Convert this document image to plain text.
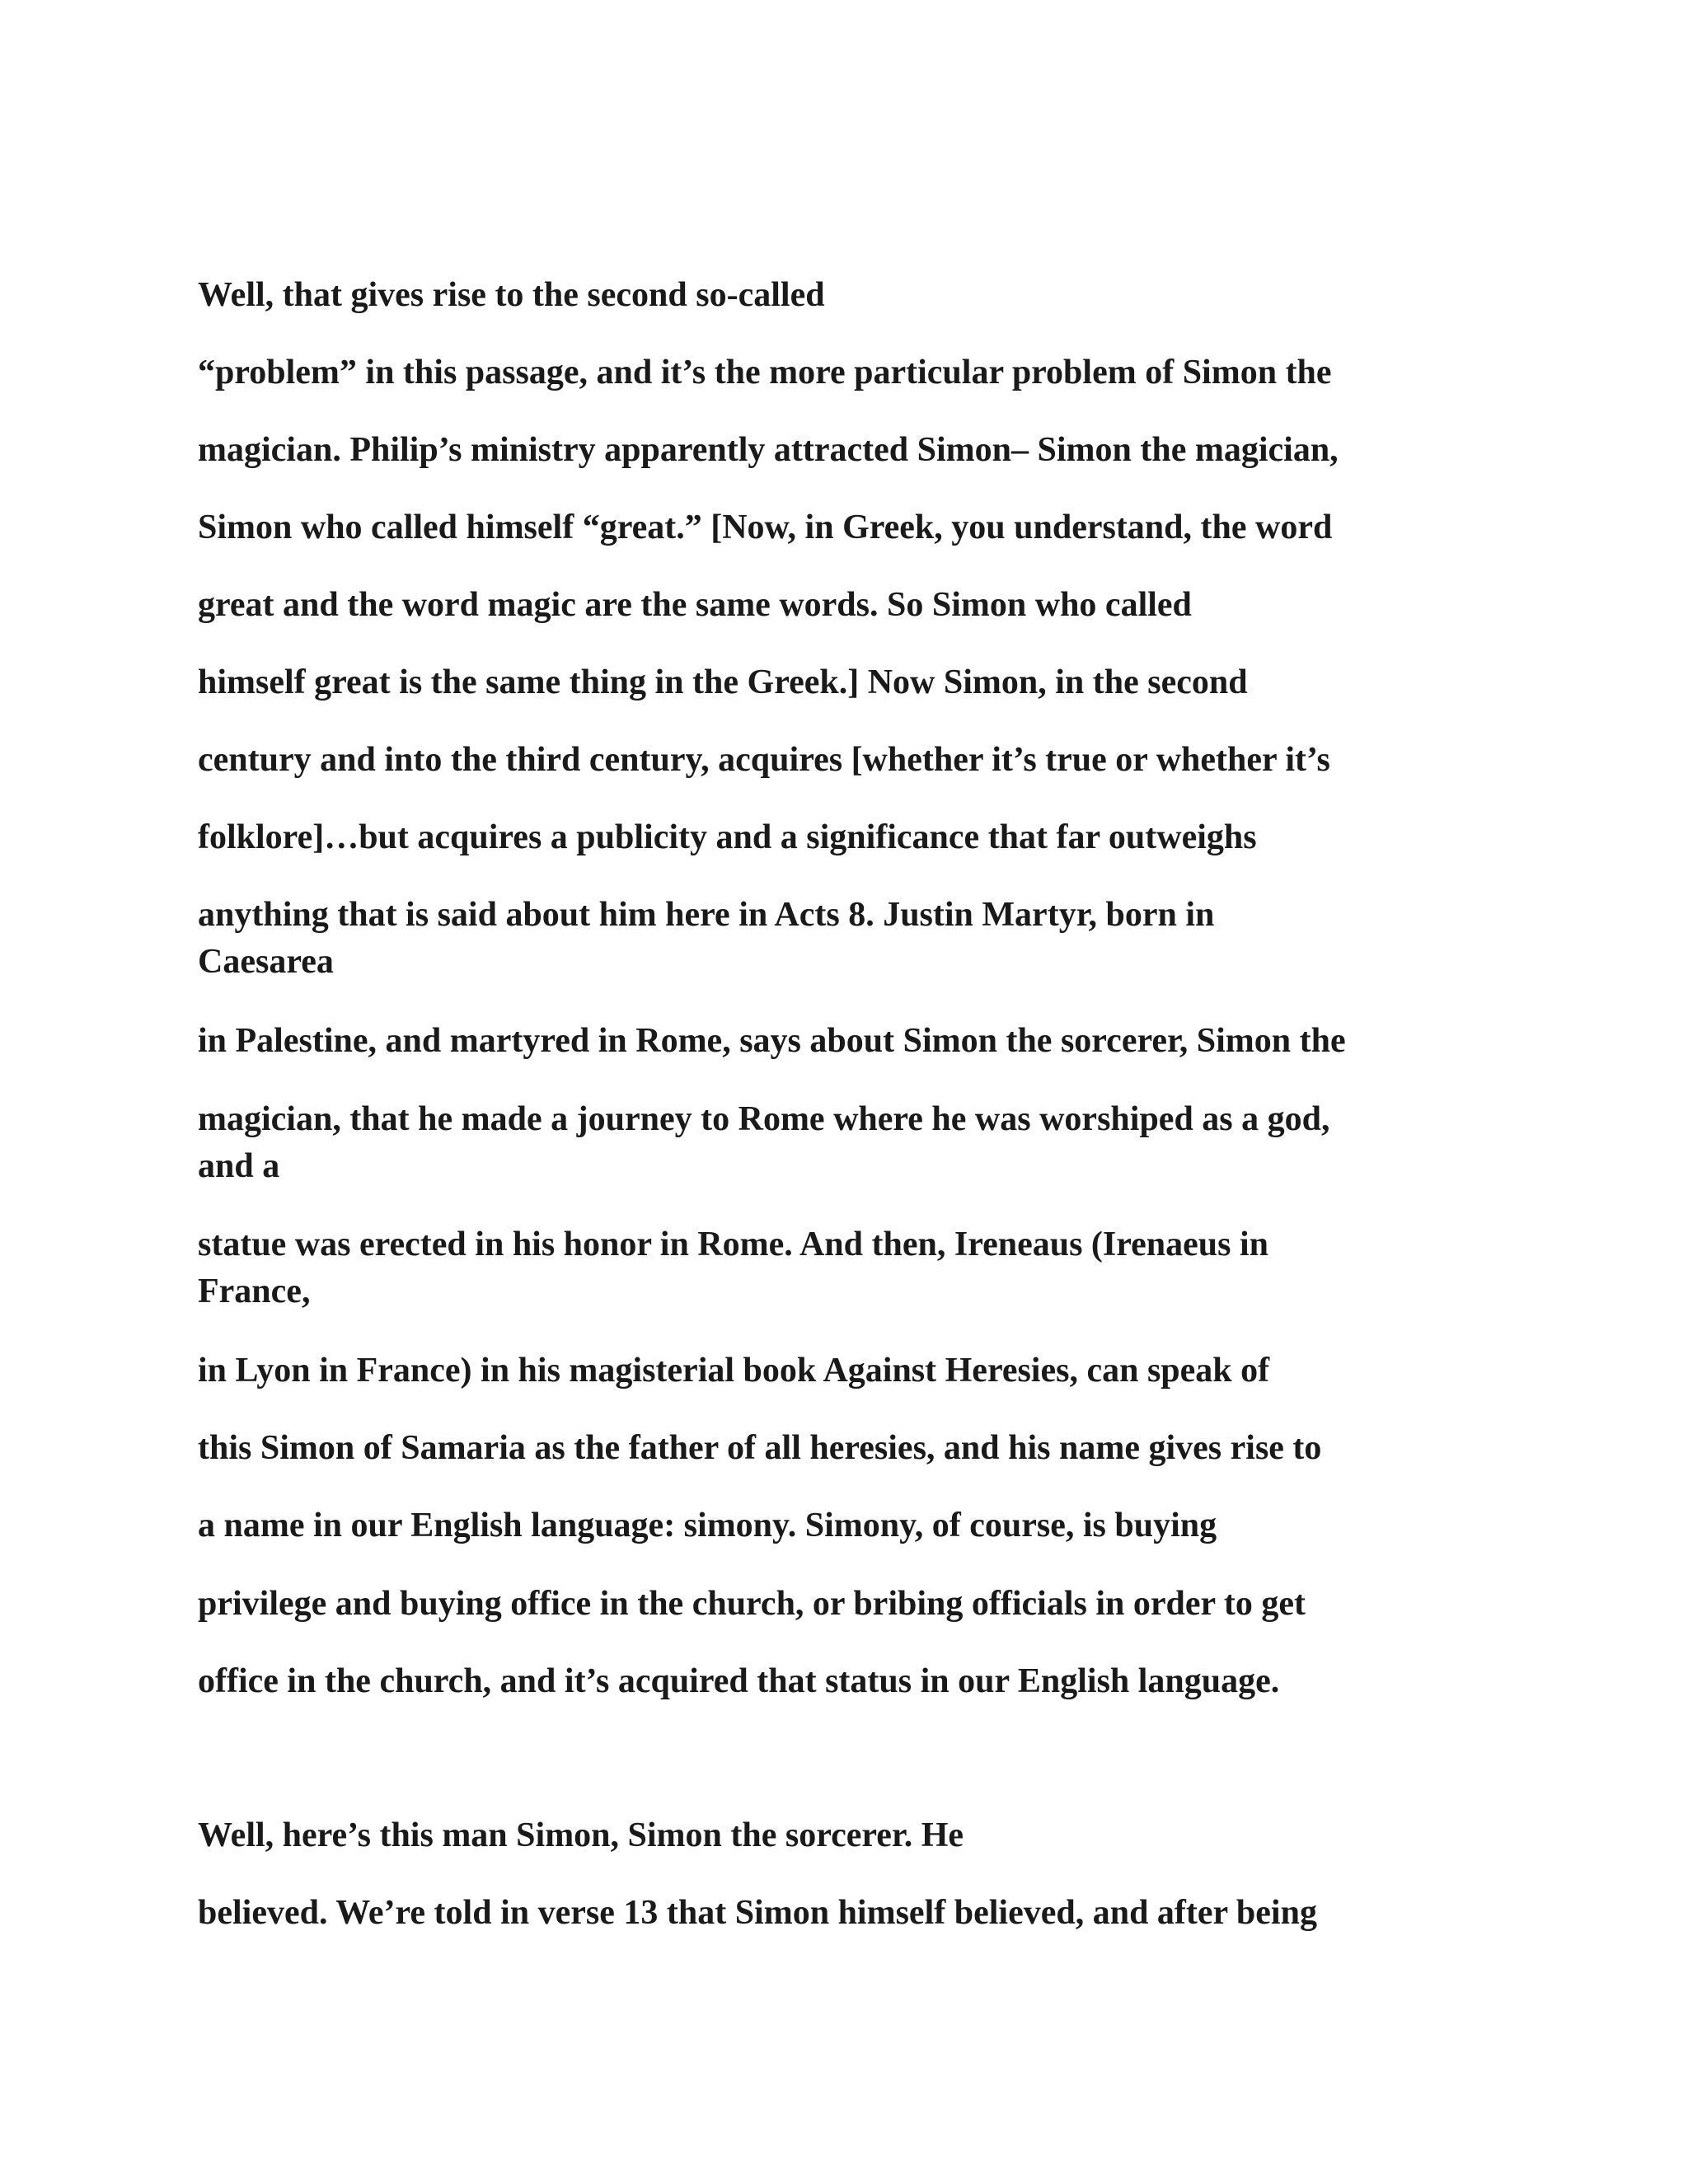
Well, that gives rise to the second so-called

“problem” in this passage, and it’s the more particular problem of Simon the

magician. Philip’s ministry apparently attracted Simon– Simon the magician,

Simon who called himself “great.” [Now, in Greek, you understand, the word

great and the word magic are the same words. So Simon who called

himself great is the same thing in the Greek.] Now Simon, in the second

century and into the third century, acquires [whether it’s true or whether it’s

folklore]…but acquires a publicity and a significance that far outweighs

anything that is said about him here in Acts 8. Justin Martyr, born in

Caesarea

in Palestine, and martyred in Rome, says about Simon the sorcerer, Simon the

magician, that he made a journey to Rome where he was worshiped as a god,

and a

statue was erected in his honor in Rome. And then, Ireneaus (Irenaeus in

France,

in Lyon in France) in his magisterial book Against Heresies, can speak of

this Simon of Samaria as the father of all heresies, and his name gives rise to

a name in our English language: simony. Simony, of course, is buying

privilege and buying office in the church, or bribing officials in order to get

office in the church, and it’s acquired that status in our English language.

Well, here’s this man Simon, Simon the sorcerer. He

believed. We’re told in verse 13 that Simon himself believed, and after being
